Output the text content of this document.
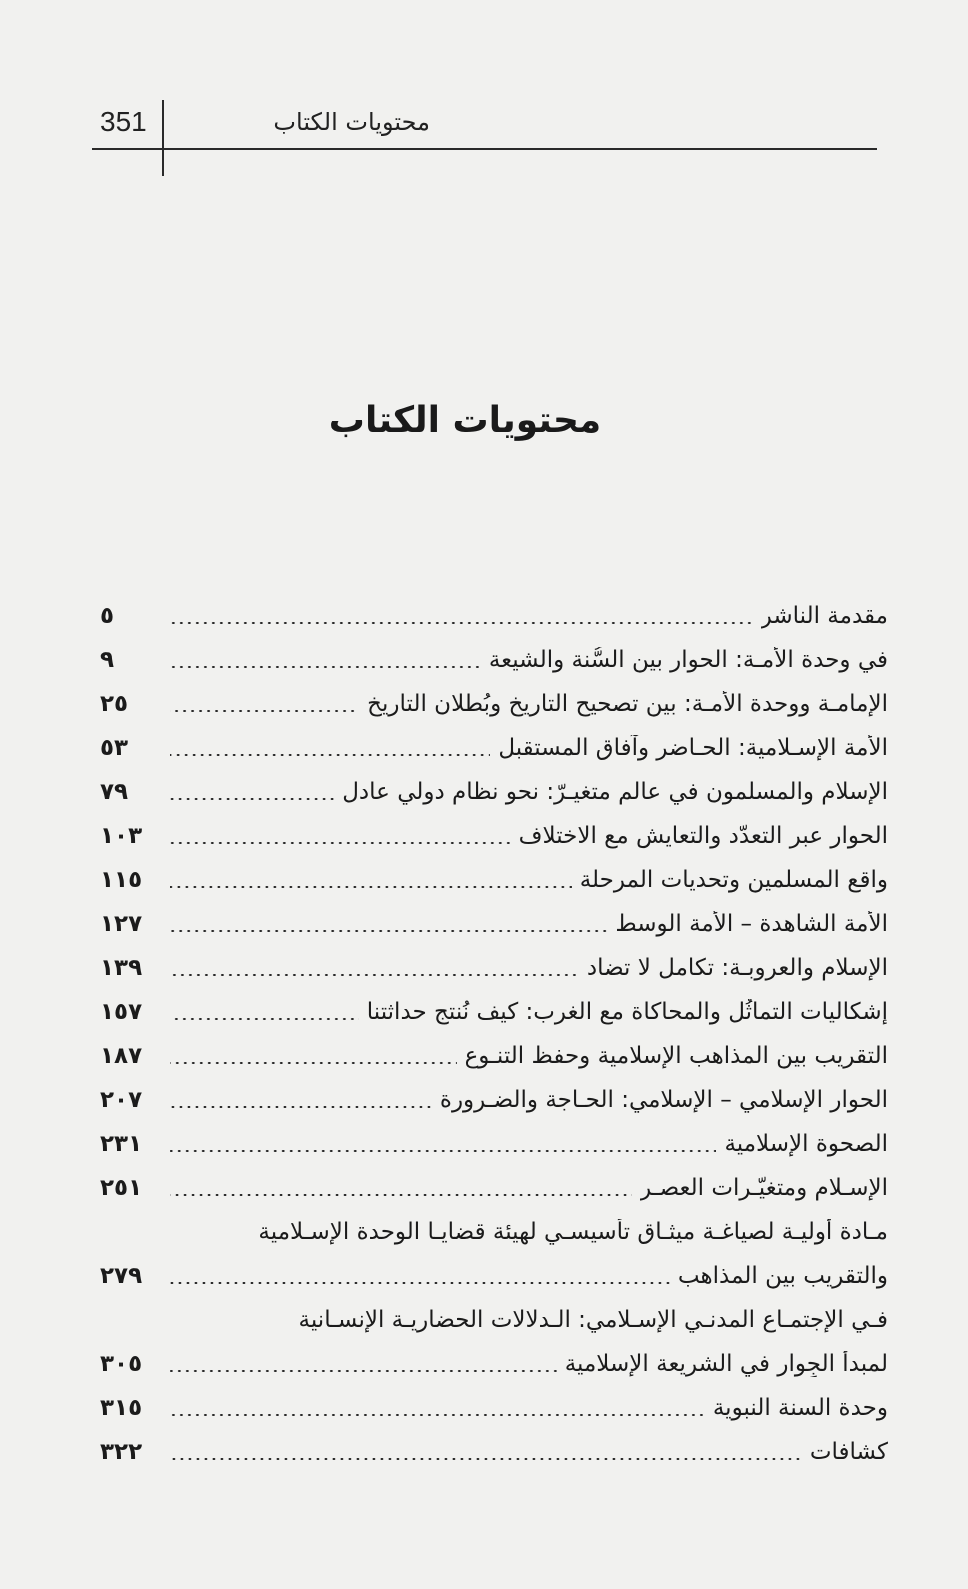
351	محتويات الكتاب
محتويات الكتاب
مقدمة الناشر
٥
في وحدة الأمـة: الحوار بين السُّنة والشيعة
٩
الإمامـة ووحدة الأمـة: بين تصحيح التاريخ وبُطلان التاريخ
٢٥
الأمة الإسـلامية: الحـاضر وآفاق المستقبل
٥٣
الإسلام والمسلمون في عالم متغيـرّ: نحو نظام دولي عادل
٧٩
الحوار عبر التعدّد والتعايش مع الاختلاف
١٠٣
واقع المسلمين وتحديات المرحلة
١١٥
الأمة الشاهدة – الأمة الوسط
١٢٧
الإسلام والعروبـة: تكامل لا تضاد
١٣٩
إشكاليات التماثُل والمحاكاة مع الغرب: كيف نُنتج حداثتنا
١٥٧
التقريب بين المذاهب الإسلامية وحفظ التنـوع
١٨٧
الحوار الإسلامي – الإسلامي: الحـاجة والضـرورة
٢٠٧
الصحوة الإسلامية
٢٣١
الإسـلام ومتغيّـرات العصـر
٢٥١
مـادة أوليـة لصياغـة ميثـاق تأسيسـي لهيئة قضايـا الوحدة الإسـلامية
والتقريب بين المذاهب
٢٧٩
فـي الإجتمـاع المدنـي الإسـلامي: الـدلالات الحضاريـة الإنسـانية
لمبدأ الجِوار في الشريعة الإسلامية
٣٠٥
وحدة السنة النبوية
٣١٥
كشافات
٣٢٢
